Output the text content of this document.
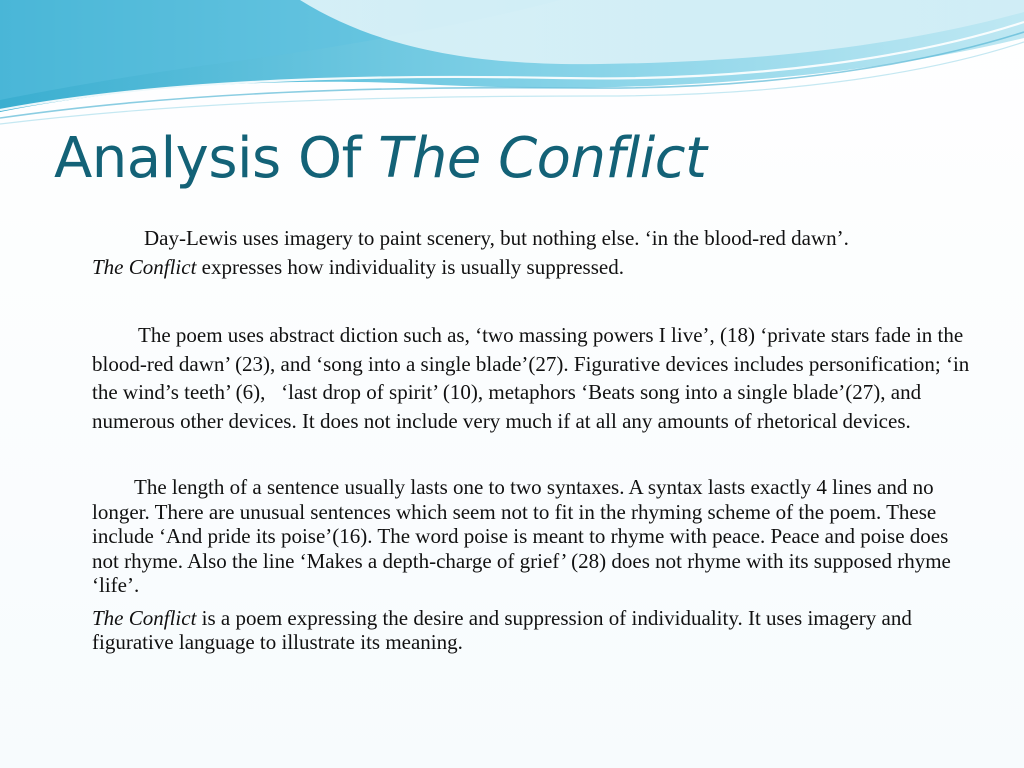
Analysis Of The Conflict

Day-Lewis uses imagery to paint scenery, but nothing else. ‘in the blood-red dawn’.

The Conflict expresses how individuality is usually suppressed.

The poem uses abstract diction such as, ‘two massing powers I live’, (18) ‘private stars fade in the blood-red dawn’ (23), and ‘song into a single blade’(27). Figurative devices includes personification; ‘in the wind’s teeth’ (6),   ‘last drop of spirit’ (10), metaphors ‘Beats song into a single blade’(27), and numerous other devices. It does not include very much if at all any amounts of rhetorical devices.

The length of a sentence usually lasts one to two syntaxes. A syntax lasts exactly 4 lines and no longer. There are unusual sentences which seem not to fit in the rhyming scheme of the poem. These include ‘And pride its poise’(16). The word poise is meant to rhyme with peace. Peace and poise does not rhyme. Also the line ‘Makes a depth-charge of grief’ (28) does not rhyme with its supposed rhyme ‘life’.

The Conflict is a poem expressing the desire and suppression of individuality. It uses imagery and figurative language to illustrate its meaning.
